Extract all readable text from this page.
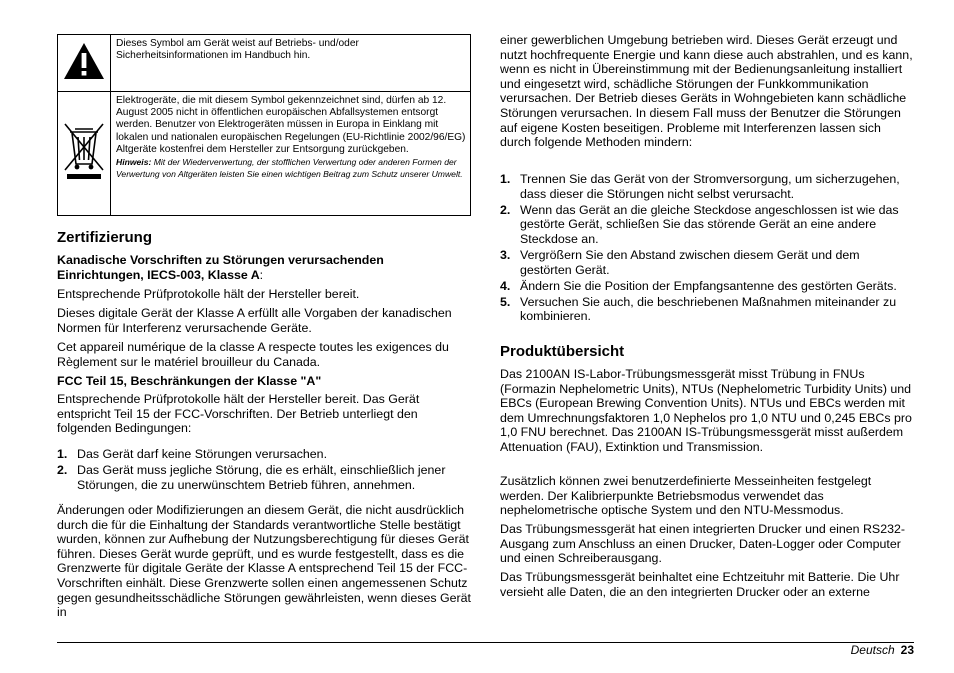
	Dieses Symbol am Gerät weist auf Betriebs- und/oder Sicherheitsinformationen im Handbuch hin.

Elektrogeräte, die mit diesem Symbol gekennzeichnet sind, dürfen ab 12. August 2005 nicht in öffentlichen europäischen Abfallsystemen entsorgt werden. Benutzer von Elektrogeräten müssen in Europa in Einklang mit lokalen und nationalen europäischen Regelungen (EU-Richtlinie 2002/96/EG) Altgeräte kostenfrei dem Hersteller zur Entsorgung zurückgeben.
Hinweis: Mit der Wiederverwertung, der stofflichen Verwertung oder anderen Formen der Verwertung von Altgeräten leisten Sie einen wichtigen Beitrag zum Schutz unserer Umwelt.
Zertifizierung
Kanadische Vorschriften zu Störungen verursachenden Einrichtungen, IECS-003, Klasse A:

Entsprechende Prüfprotokolle hält der Hersteller bereit.

Dieses digitale Gerät der Klasse A erfüllt alle Vorgaben der kanadischen Normen für Interferenz verursachende Geräte.

Cet appareil numérique de la classe A respecte toutes les exigences du Règlement sur le matériel brouilleur du Canada.

FCC Teil 15, Beschränkungen der Klasse "A"

Entsprechende Prüfprotokolle hält der Hersteller bereit. Das Gerät entspricht Teil 15 der FCC-Vorschriften. Der Betrieb unterliegt den folgenden Bedingungen:

1. Das Gerät darf keine Störungen verursachen.
2. Das Gerät muss jegliche Störung, die es erhält, einschließlich jener Störungen, die zu unerwünschtem Betrieb führen, annehmen.

Änderungen oder Modifizierungen an diesem Gerät, die nicht ausdrücklich durch die für die Einhaltung der Standards verantwortliche Stelle bestätigt wurden, können zur Aufhebung der Nutzungsberechtigung für dieses Gerät führen. Dieses Gerät wurde geprüft, und es wurde festgestellt, dass es die Grenzwerte für digitale Geräte der Klasse A entsprechend Teil 15 der FCC-Vorschriften einhält. Diese Grenzwerte sollen einen angemessenen Schutz gegen gesundheitsschädliche Störungen gewährleisten, wenn dieses Gerät in

einer gewerblichen Umgebung betrieben wird. Dieses Gerät erzeugt und nutzt hochfrequente Energie und kann diese auch abstrahlen, und es kann, wenn es nicht in Übereinstimmung mit der Bedienungsanleitung installiert und eingesetzt wird, schädliche Störungen der Funkkommunikation verursachen. Der Betrieb dieses Geräts in Wohngebieten kann schädliche Störungen verursachen. In diesem Fall muss der Benutzer die Störungen auf eigene Kosten beseitigen. Probleme mit Interferenzen lassen sich durch folgende Methoden mindern:

1. Trennen Sie das Gerät von der Stromversorgung, um sicherzugehen, dass dieser die Störungen nicht selbst verursacht.
2. Wenn das Gerät an die gleiche Steckdose angeschlossen ist wie das gestörte Gerät, schließen Sie das störende Gerät an eine andere Steckdose an.
3. Vergrößern Sie den Abstand zwischen diesem Gerät und dem gestörten Gerät.
4. Ändern Sie die Position der Empfangsantenne des gestörten Geräts.
5. Versuchen Sie auch, die beschriebenen Maßnahmen miteinander zu kombinieren.
Produktübersicht

Das 2100AN IS-Labor-Trübungsmessgerät misst Trübung in FNUs (Formazin Nephelometric Units), NTUs (Nephelometric Turbidity Units) und EBCs (European Brewing Convention Units). NTUs und EBCs werden mit dem Umrechnungsfaktoren 1,0 Nephelos pro 1,0 NTU und 0,245 EBCs pro 1,0 FNU berechnet. Das 2100AN IS-Trübungsmessgerät misst außerdem Attenuation (FAU), Extinktion und Transmission.

Zusätzlich können zwei benutzerdefinierte Messeinheiten festgelegt werden. Der Kalibrierpunkte Betriebsmodus verwendet das nephelometrische optische System und den NTU-Messmodus.

Das Trübungsmessgerät hat einen integrierten Drucker und einen RS232-Ausgang zum Anschluss an einen Drucker, Daten-Logger oder Computer und einen Schreiberausgang.

Das Trübungsmessgerät beinhaltet eine Echtzeituhr mit Batterie. Die Uhr versieht alle Daten, die an den integrierten Drucker oder an externe

Deutsch 23
